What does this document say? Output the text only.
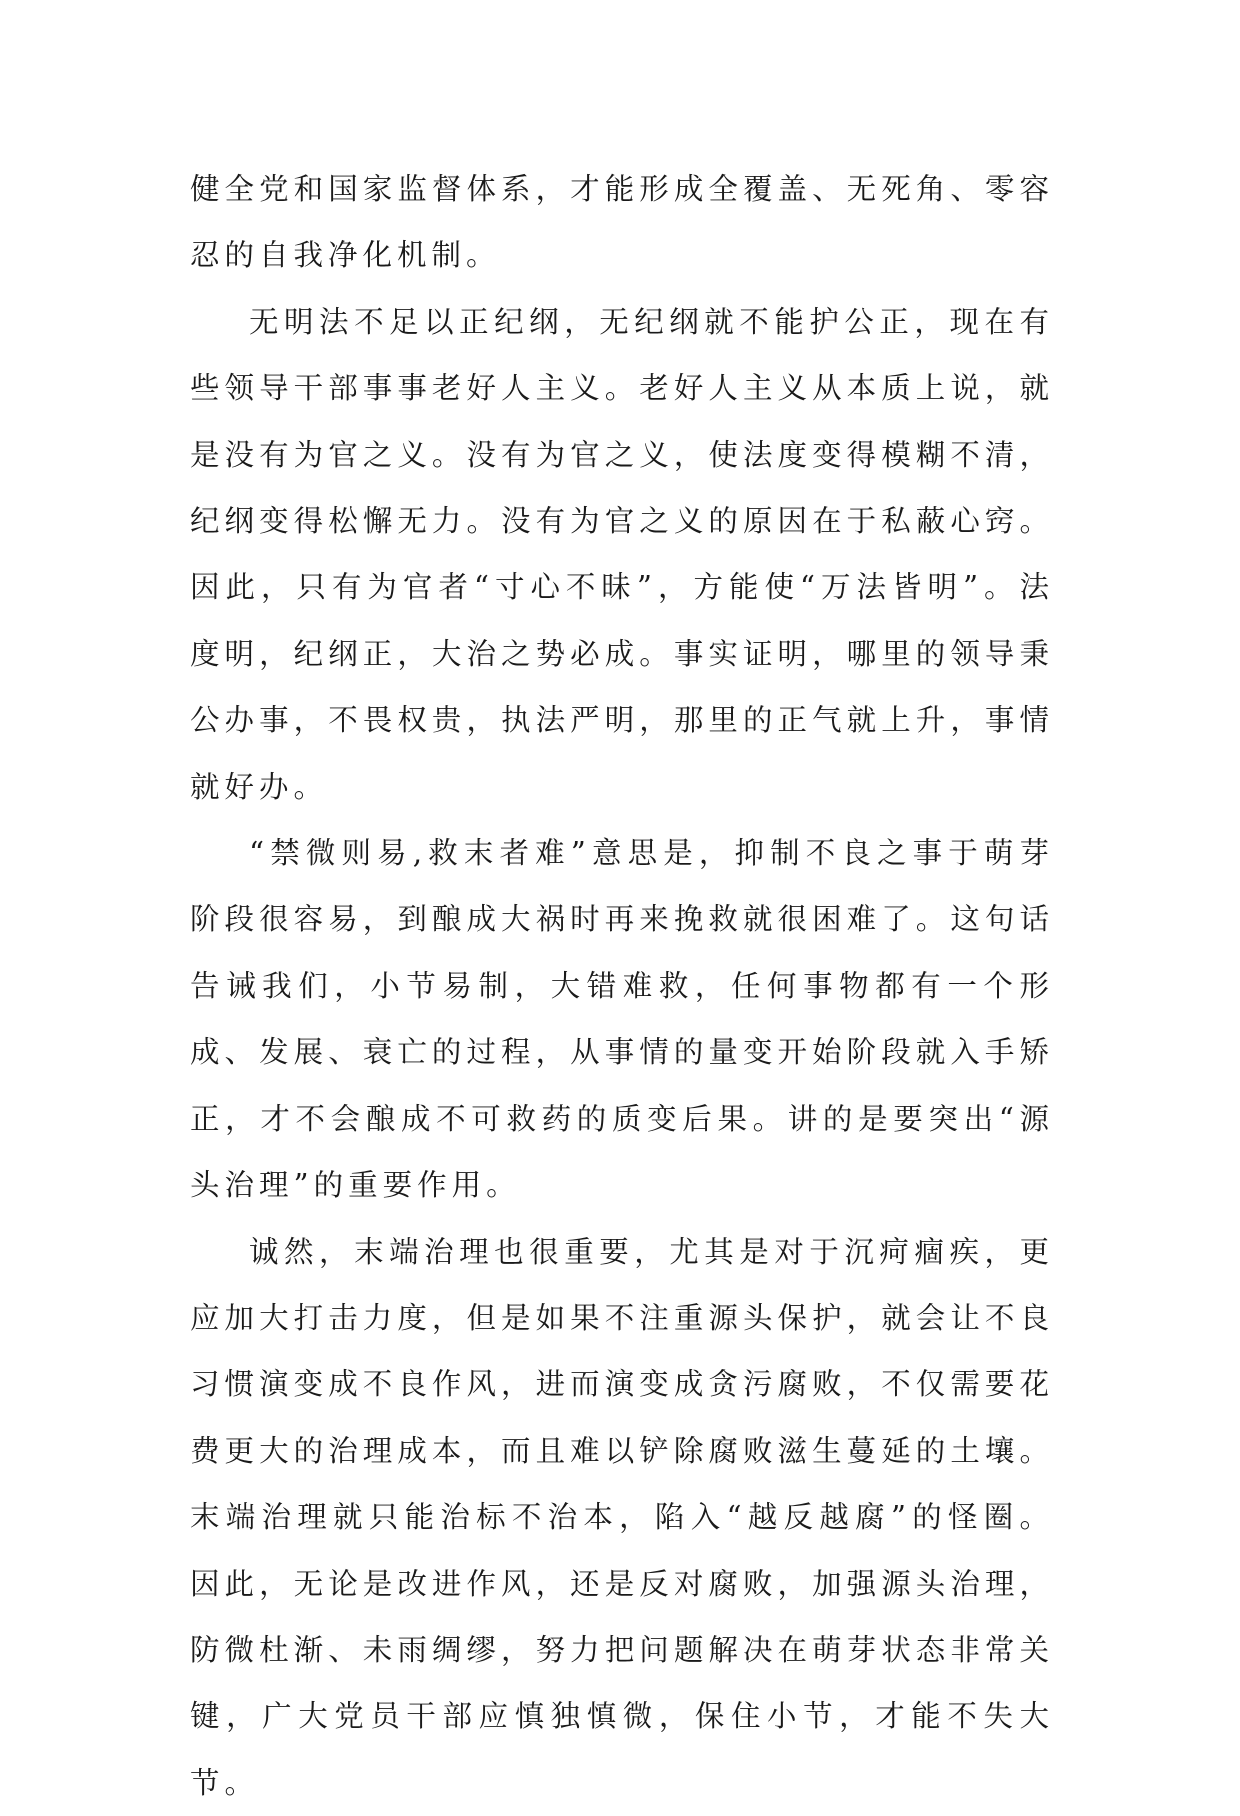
健全党和国家监督体系，才能形成全覆盖、无死角、零容忍的自我净化机制。

无明法不足以正纪纲，无纪纲就不能护公正，现在有些领导干部事事老好人主义。老好人主义从本质上说，就是没有为官之义。没有为官之义，使法度变得模糊不清，纪纲变得松懈无力。没有为官之义的原因在于私蔽心窍。因此，只有为官者“寸心不昧”，方能使“万法皆明”。法度明，纪纲正，大治之势必成。事实证明，哪里的领导秉公办事，不畏权贵，执法严明，那里的正气就上升，事情就好办。

“禁微则易,救末者难”意思是，抑制不良之事于萌芽阶段很容易，到酿成大祸时再来挽救就很困难了。这句话告诫我们，小节易制，大错难救，任何事物都有一个形成、发展、衰亡的过程，从事情的量变开始阶段就入手矫正，才不会酿成不可救药的质变后果。讲的是要突出“源头治理”的重要作用。

诚然，末端治理也很重要，尤其是对于沉疴痼疾，更应加大打击力度，但是如果不注重源头保护，就会让不良习惯演变成不良作风，进而演变成贪污腐败，不仅需要花费更大的治理成本，而且难以铲除腐败滋生蔓延的土壤。末端治理就只能治标不治本，陷入“越反越腐”的怪圈。因此，无论是改进作风，还是反对腐败，加强源头治理，防微杜渐、未雨绸缪，努力把问题解决在萌芽状态非常关键，广大党员干部应慎独慎微，保住小节，才能不失大节。
